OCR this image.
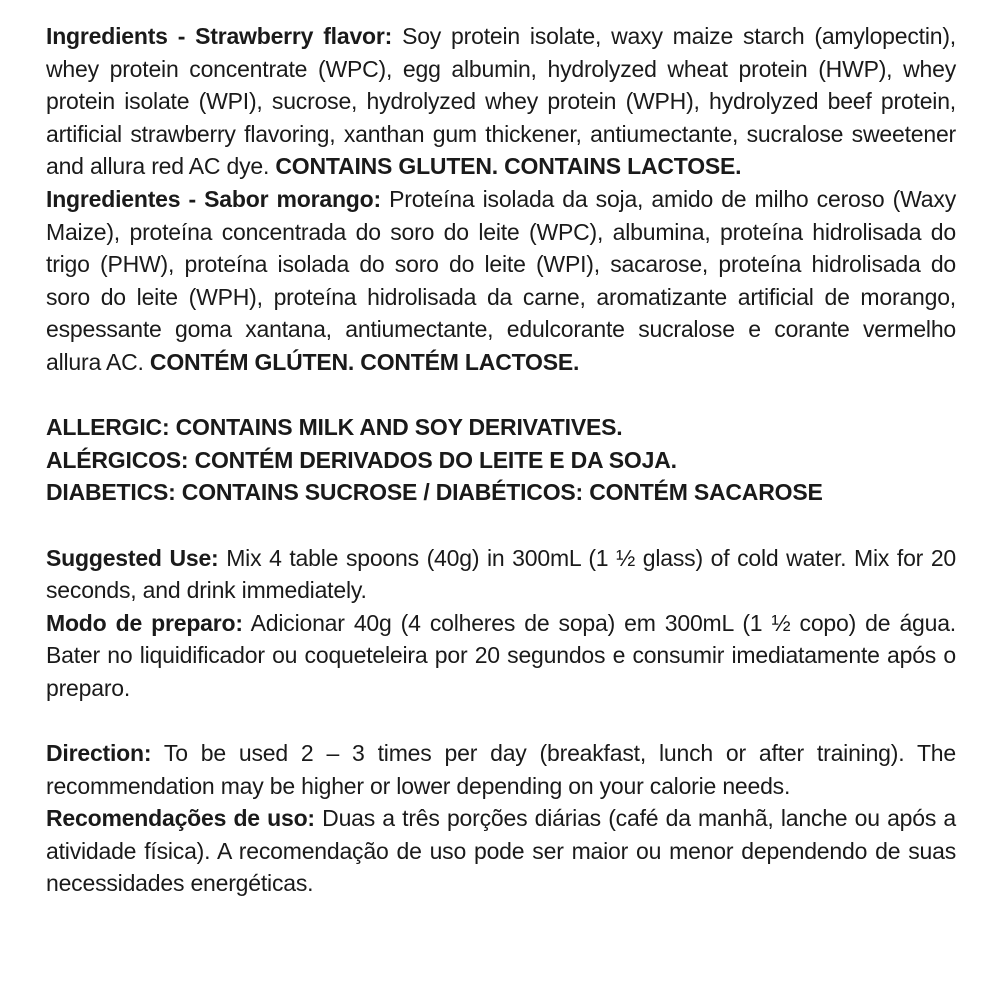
Ingredients - Strawberry flavor: Soy protein isolate, waxy maize starch (amylopectin), whey protein concentrate (WPC), egg albumin, hydrolyzed wheat protein (HWP), whey protein isolate (WPI), sucrose, hydrolyzed whey protein (WPH), hydrolyzed beef protein, artificial strawberry flavoring, xanthan gum thickener, antiumectante, sucralose sweetener and allura red AC dye. CONTAINS GLUTEN. CONTAINS LACTOSE.

Ingredientes - Sabor morango: Proteína isolada da soja, amido de milho ceroso (Waxy Maize), proteína concentrada do soro do leite (WPC), albumina, proteína hidrolisada do trigo (PHW), proteína isolada do soro do leite (WPI), sacarose, proteína hidrolisada do soro do leite (WPH), proteína hidrolisada da carne, aromatizante artificial de morango, espessante goma xantana, antiumectante, edulcorante sucralose e corante vermelho allura AC. CONTÉM GLÚTEN. CONTÉM LACTOSE.

ALLERGIC: CONTAINS MILK AND SOY DERIVATIVES.

ALÉRGICOS: CONTÉM DERIVADOS DO LEITE E DA SOJA.

DIABETICS: CONTAINS SUCROSE / DIABÉTICOS: CONTÉM SACAROSE

Suggested Use: Mix 4 table spoons (40g) in 300mL (1 ½ glass) of cold water. Mix for 20 seconds, and drink immediately.

Modo de preparo: Adicionar 40g (4 colheres de sopa) em 300mL (1 ½ copo) de água. Bater no liquidificador ou coqueteleira por 20 segundos e consumir imediatamente após o preparo.

Direction: To be used 2 – 3 times per day (breakfast, lunch or after training). The recommendation may be higher or lower depending on your calorie needs.

Recomendações de uso: Duas a três porções diárias (café da manhã, lanche ou após a atividade física). A recomendação de uso pode ser maior ou menor dependendo de suas necessidades energéticas.
